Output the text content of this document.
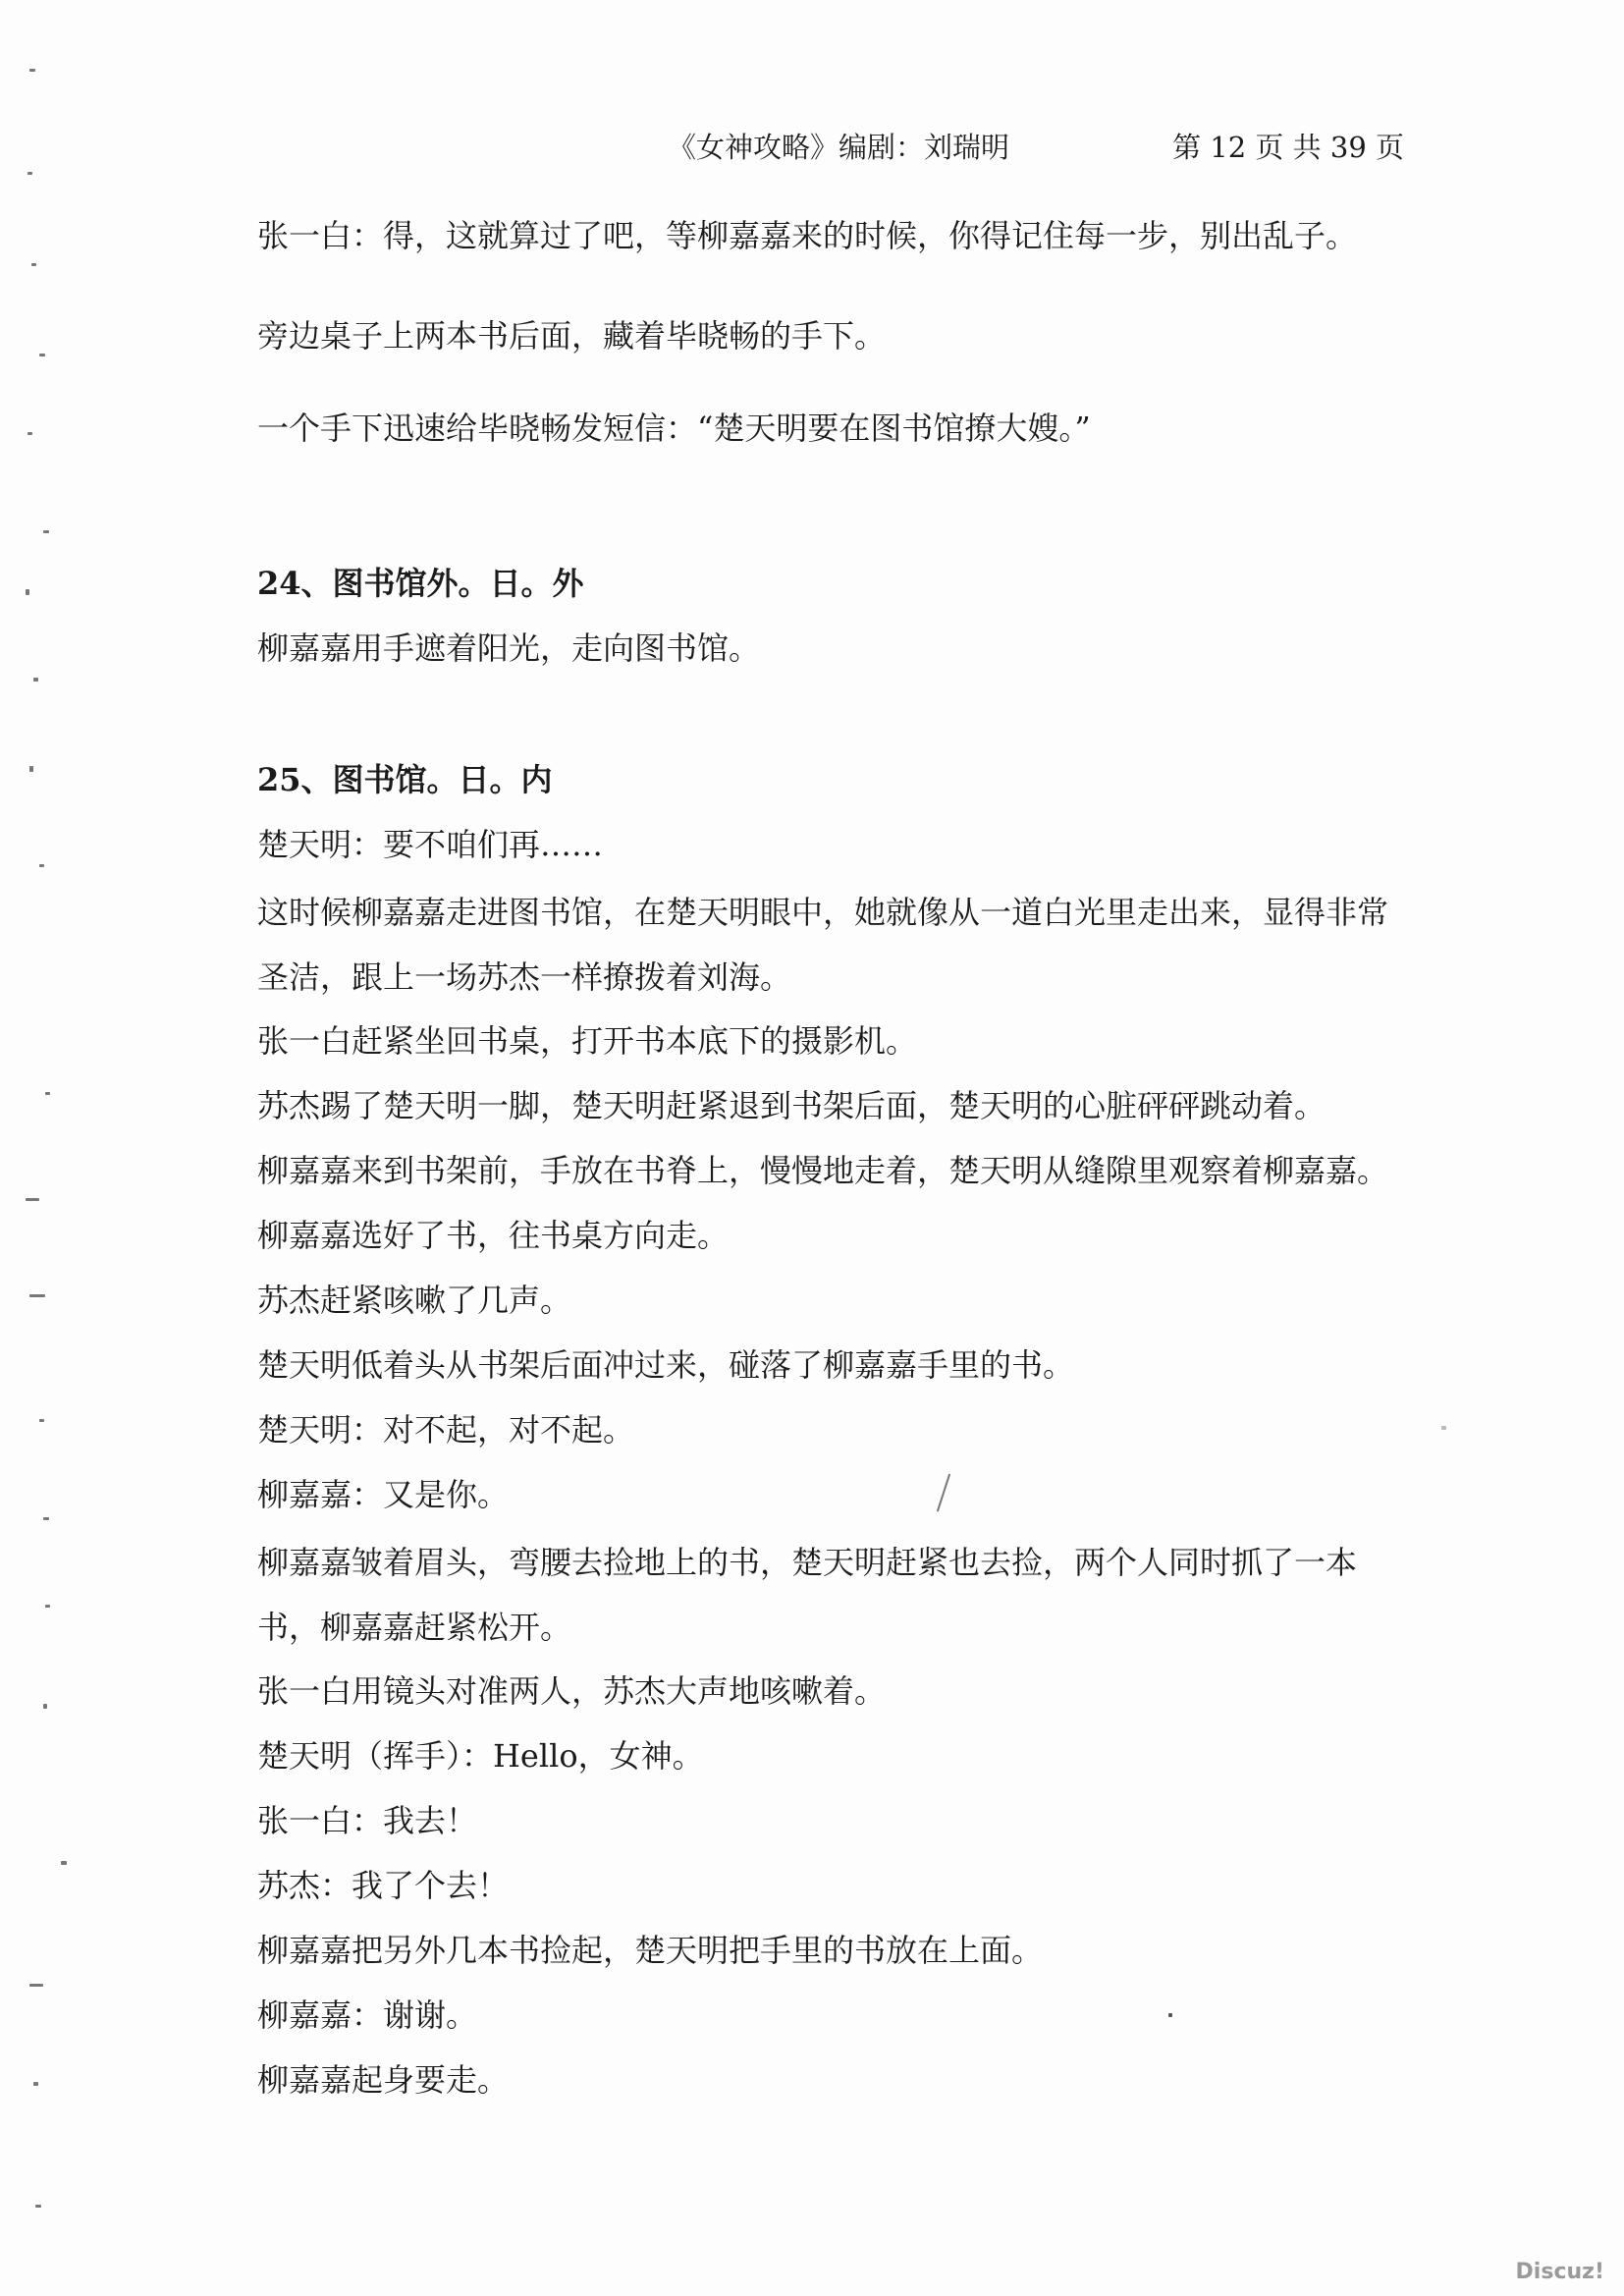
《女神攻略》编剧：刘瑞明	第 12 页 共 39 页
张一白：得，这就算过了吧，等柳嘉嘉来的时候，你得记住每一步，别出乱子。
旁边桌子上两本书后面，藏着毕晓畅的手下。
一个手下迅速给毕晓畅发短信：“楚天明要在图书馆撩大嫂。”
24、图书馆外。日。外
柳嘉嘉用手遮着阳光，走向图书馆。
25、图书馆。日。内
楚天明：要不咱们再……
这时候柳嘉嘉走进图书馆，在楚天明眼中，她就像从一道白光里走出来，显得非常圣洁，跟上一场苏杰一样撩拨着刘海。
张一白赶紧坐回书桌，打开书本底下的摄影机。
苏杰踢了楚天明一脚，楚天明赶紧退到书架后面，楚天明的心脏砰砰跳动着。
柳嘉嘉来到书架前，手放在书脊上，慢慢地走着，楚天明从缝隙里观察着柳嘉嘉。
柳嘉嘉选好了书，往书桌方向走。
苏杰赶紧咳嗽了几声。
楚天明低着头从书架后面冲过来，碰落了柳嘉嘉手里的书。
楚天明：对不起，对不起。
柳嘉嘉：又是你。
柳嘉嘉皱着眉头，弯腰去捡地上的书，楚天明赶紧也去捡，两个人同时抓了一本书，柳嘉嘉赶紧松开。
张一白用镜头对准两人，苏杰大声地咳嗽着。
楚天明（挥手）：Hello，女神。
张一白：我去！
苏杰：我了个去！
柳嘉嘉把另外几本书捡起，楚天明把手里的书放在上面。
柳嘉嘉：谢谢。
柳嘉嘉起身要走。
Discuz!
